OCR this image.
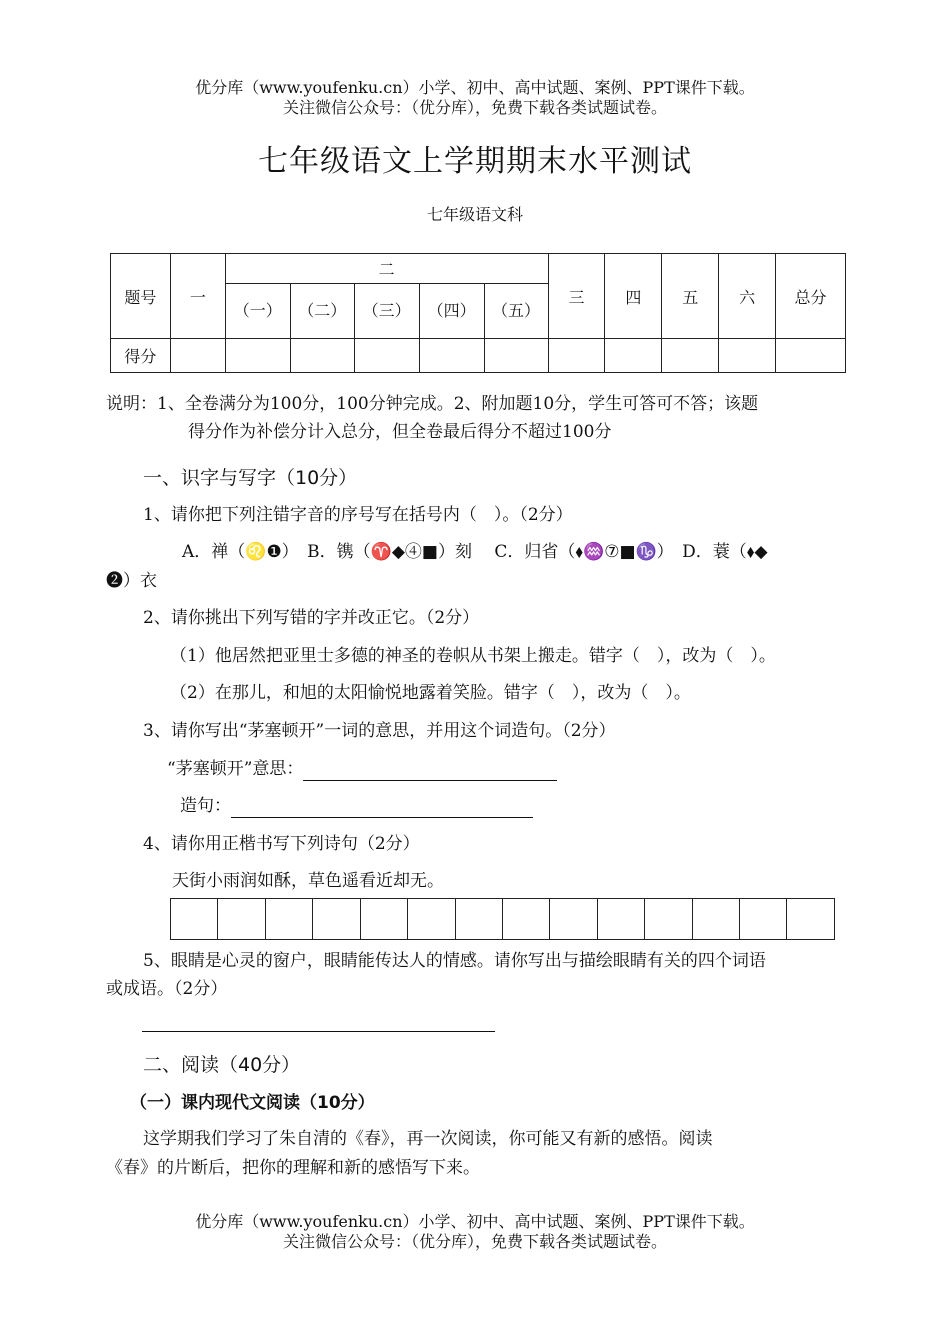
优分库（www.youfenku.cn）小学、初中、高中试题、案例、PPT课件下载。
关注微信公众号：（优分库），免费下载各类试题试卷。
七年级语文上学期期末水平测试
七年级语文科
题号	一	二					三	四	五	六	总分
		（一）	（二）	（三）	（四）	（五）					
得分											
说明：1、全卷满分为100分，100分钟完成。2、附加题10分，学生可答可不答；该题
得分作为补偿分计入总分，但全卷最后得分不超过100分
一、识字与写字（10分）
1、请你把下列注错字音的序号写在括号内（　）。（2分）
A．禅（♌❶）　B．镌（♈◆④■）刻　 C．归省（⬧♒⑦■♑）　D．蓑（⬧◆
❷）衣
2、请你挑出下列写错的字并改正它。（2分）
（1）他居然把亚里士多德的神圣的卷帜从书架上搬走。错字（　），改为（　）。
（2）在那儿，和旭的太阳愉悦地露着笑脸。错字（　），改为（　）。
3、请你写出“茅塞顿开”一词的意思，并用这个词造句。（2分）
“茅塞顿开”意思：
造句：
4、请你用正楷书写下列诗句（2分）
天街小雨润如酥，草色遥看近却无。
5、眼睛是心灵的窗户，眼睛能传达人的情感。请你写出与描绘眼睛有关的四个词语
或成语。（2分）
二、阅读（40分）
（一）课内现代文阅读（10分）
这学期我们学习了朱自清的《春》，再一次阅读，你可能又有新的感悟。阅读
《春》的片断后，把你的理解和新的感悟写下来。
优分库（www.youfenku.cn）小学、初中、高中试题、案例、PPT课件下载。
关注微信公众号：（优分库），免费下载各类试题试卷。
